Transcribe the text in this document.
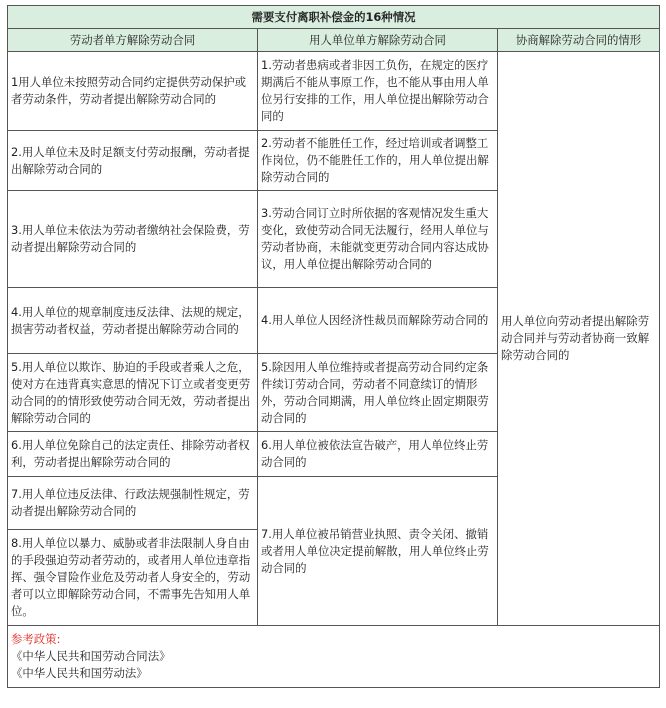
需要支付离职补偿金的16种情况		
劳动者单方解除劳动合同	用人单位单方解除劳动合同	协商解除劳动合同的情形
1用人单位未按照劳动合同约定提供劳动保护或者劳动条件，劳动者提出解除劳动合同的	1.劳动者患病或者非因工负伤，在规定的医疗期满后不能从事原工作，也不能从事由用人单位另行安排的工作，用人单位提出解除劳动合同的	用人单位向劳动者提出解除劳动合同并与劳动者协商一致解除劳动合同的
2.用人单位未及时足额支付劳动报酬，劳动者提出解除劳动合同的	2.劳动者不能胜任工作，经过培训或者调整工作岗位，仍不能胜任工作的，用人单位提出解除劳动合同的	
3.用人单位未依法为劳动者缴纳社会保险费，劳动者提出解除劳动合同的	3.劳动合同订立时所依据的客观情况发生重大变化，致使劳动合同无法履行，经用人单位与劳动者协商，未能就变更劳动合同内容达成协议，用人单位提出解除劳动合同的	
4.用人单位的规章制度违反法律、法规的规定，损害劳动者权益，劳动者提出解除劳动合同的	4.用人单位人因经济性裁员而解除劳动合同的	
5.用人单位以欺诈、胁迫的手段或者乘人之危，使对方在违背真实意思的情况下订立或者变更劳动合同的的情形致使劳动合同无效，劳动者提出解除劳动合同的	5.除因用人单位维持或者提高劳动合同约定条件续订劳动合同，劳动者不同意续订的情形外，劳动合同期满，用人单位终止固定期限劳动合同的	
6.用人单位免除自己的法定责任、排除劳动者权利，劳动者提出解除劳动合同的	6.用人单位被依法宣告破产，用人单位终止劳动合同的	
7.用人单位违反法律、行政法规强制性规定，劳动者提出解除劳动合同的	7.用人单位被吊销营业执照、责令关闭、撤销或者用人单位决定提前解散，用人单位终止劳动合同的	
8.用人单位以暴力、威胁或者非法限制人身自由的手段强迫劳动者劳动的，或者用人单位违章指挥、强令冒险作业危及劳动者人身安全的，劳动者可以立即解除劳动合同，不需事先告知用人单位。		

参考政策:
《中华人民共和国劳动合同法》
《中华人民共和国劳动法》		
